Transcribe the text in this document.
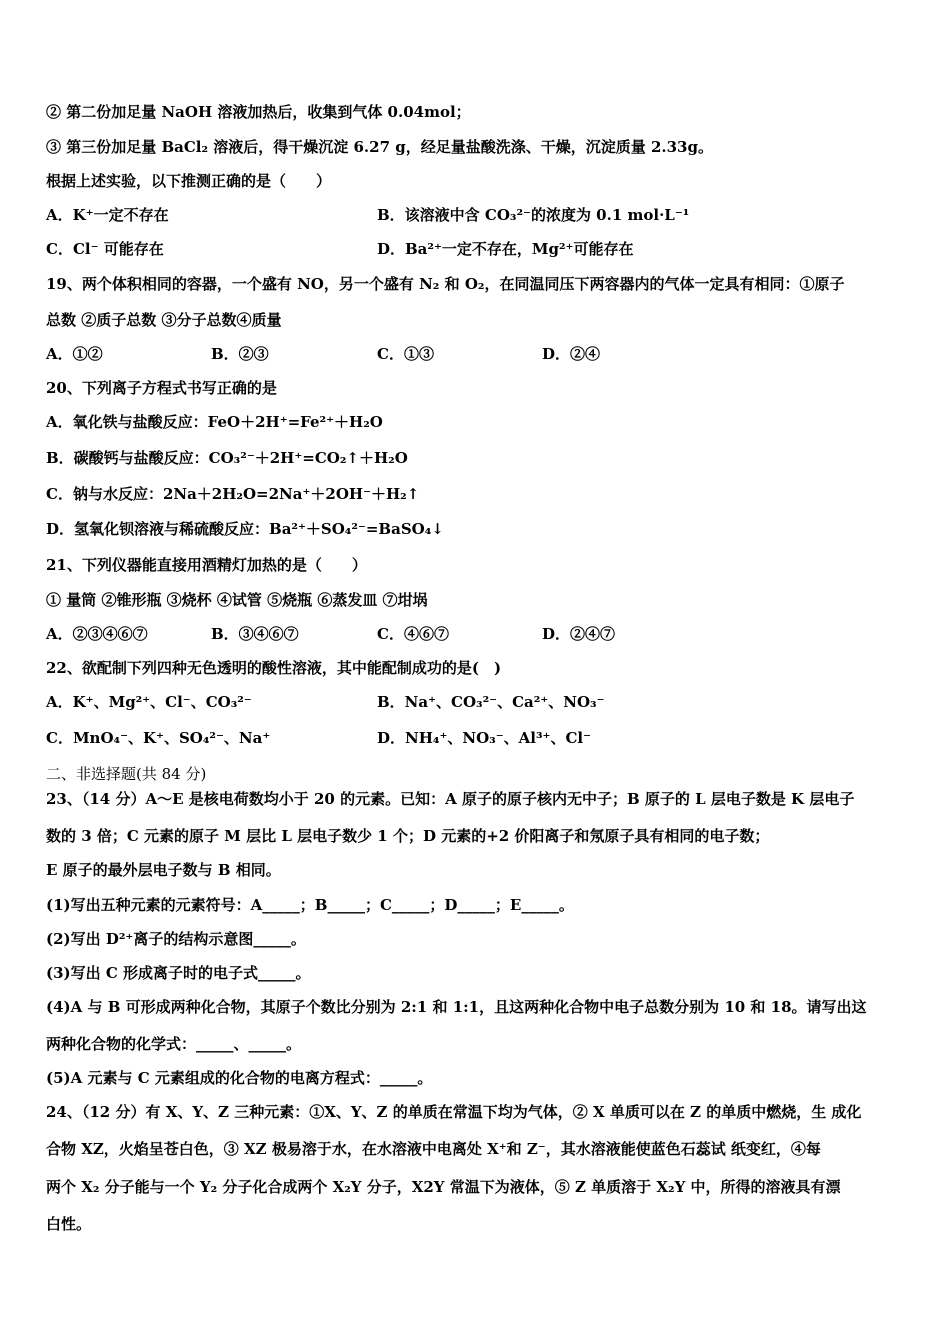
② 第二份加足量 NaOH 溶液加热后，收集到气体 0.04mol；
③ 第三份加足量 BaCl₂ 溶液后，得干燥沉淀 6.27 g，经足量盐酸洗涤、干燥，沉淀质量 2.33g。
根据上述实验，以下推测正确的是（　　）
A．K⁺一定不存在	B．该溶液中含 CO₃²⁻的浓度为 0.1 mol·L⁻¹
C．Cl⁻ 可能存在	D．Ba²⁺一定不存在，Mg²⁺可能存在
19、两个体积相同的容器，一个盛有 NO，另一个盛有 N₂ 和 O₂，在同温同压下两容器内的气体一定具有相同：①原子
总数 ②质子总数 ③分子总数④质量
A．①②	B．②③	C．①③	D．②④
20、下列离子方程式书写正确的是
A．氧化铁与盐酸反应：FeO＋2H⁺=Fe²⁺＋H₂O
B．碳酸钙与盐酸反应：CO₃²⁻＋2H⁺=CO₂↑＋H₂O
C．钠与水反应：2Na＋2H₂O=2Na⁺＋2OH⁻＋H₂↑
D．氢氧化钡溶液与稀硫酸反应：Ba²⁺＋SO₄²⁻=BaSO₄↓
21、下列仪器能直接用酒精灯加热的是（　　）
① 量筒 ②锥形瓶 ③烧杯 ④试管 ⑤烧瓶 ⑥蒸发皿 ⑦坩埚
A．②③④⑥⑦	B．③④⑥⑦	C．④⑥⑦	D．②④⑦
22、欲配制下列四种无色透明的酸性溶液，其中能配制成功的是(　)
A．K⁺、Mg²⁺、Cl⁻、CO₃²⁻	B．Na⁺、CO₃²⁻、Ca²⁺、NO₃⁻
C．MnO₄⁻、K⁺、SO₄²⁻、Na⁺	D．NH₄⁺、NO₃⁻、Al³⁺、Cl⁻
二、非选择题(共 84 分)
23、（14 分）A～E 是核电荷数均小于 20 的元素。已知：A 原子的原子核内无中子；B 原子的 L 层电子数是 K 层电子
数的 3 倍；C 元素的原子 M 层比 L 层电子数少 1 个；D 元素的+2 价阳离子和氖原子具有相同的电子数；
E 原子的最外层电子数与 B 相同。
(1)写出五种元素的元素符号：A_____；B_____；C_____；D_____；E_____。
(2)写出 D²⁺离子的结构示意图_____。
(3)写出 C 形成离子时的电子式_____。
(4)A 与 B 可形成两种化合物，其原子个数比分别为 2:1 和 1:1，且这两种化合物中电子总数分别为 10 和 18。请写出这
两种化合物的化学式：_____、_____。
(5)A 元素与 C 元素组成的化合物的电离方程式：_____。
24、（12 分）有 X、Y、Z 三种元素：①X、Y、Z 的单质在常温下均为气体，② X 单质可以在 Z 的单质中燃烧，生 成化
合物 XZ，火焰呈苍白色，③ XZ 极易溶于水，在水溶液中电离处 X⁺和 Z⁻，其水溶液能使蓝色石蕊试 纸变红，④每
两个 X₂ 分子能与一个 Y₂ 分子化合成两个 X₂Y 分子，X2Y 常温下为液体，⑤ Z 单质溶于 X₂Y 中，所得的溶液具有漂
白性。
